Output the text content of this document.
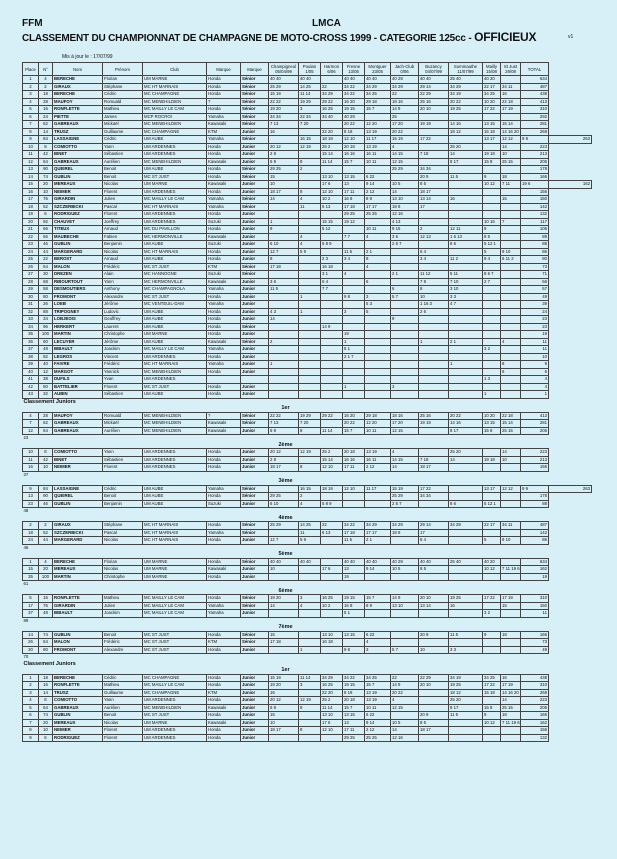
FFM	LMCA
CLASSEMENT DU CHAMPIONNAT DE CHAMPAGNE DE MOTO-CROSS 1999 - CATEGORIE 125cc - OFFICIEUX	v1
Mis à jour le : 17/07/99
Place	N°	Nom	Prénom	Club	Marque	Marque	Champigneul 05/04/99	Poulan 1/05	Harmon 6/06	Fresne 13/05	Montguer 23/05	Jach-Club 0/06	Buzancy 04/07/99	Sommauthe 11/07/99	Mailly 15/08	St Just 29/08	TOTAL	
1	4	BERECHE	Florian	UM MARNE	Honda	Sénior	40 40	40 40		40 40	40 40	40 29	40 40	25 40	40 20		634	
2	2	GIRAUX	Stéphane	MC HT MARNAIS	Honda	Sénior	25 29	14 25	22	34 22	34 29	34 29	29 14	34 29	22 17	34 11	487	
3	18	BERECHE	Cédric	MC CHAMPAGNE	Honda	Sénior	15 19	11 14	34 29	34 22	34 25	22	22 29	34 19	34 25	16	438	
4	28	MAUFOY	Romuald	MC MENEHILDIEN	?	Sénior	22 22	19 29	29 22	16 20	29 18	18 16	25 16	20 22	10 20	22 18	413	
5	16	RONFLETTE	Mathieu	MC MAILLY LE CAM	Honda	Sénior	19 20	3	16 25	19 15	15 7	14 9	20 10	19 25	17 22	17 19	310	
6	24	PIETTE	James	MCP ROCROI	Yamaha	Sénior	34 34	22 34	34 40	40 29		25					292	
7	62	GABREAUX	Mickaël	MC MENEHILDIEN	Kawasaki	Sénior	7 13	7 20		20 22	12 20	17 20	19 19	14 16	13 15	15 14	281	
8	14	TRUSZ	Guillaume	MC CHAMPAGNE	KTM	Junior	16		22 20	8 18	13 19	20 22		18 12	15 18	14 16 20	269	
9	84	LASSAIGNE	Cédric	UM AUBE	Yamaha	Sénior		16 15	18 19	12 10	11 17	15 19	17 22		13 17	12 12	9 9	263
10	8	COMIOTTO	Yann	UM ARDENNES	Honda	Junior	20 12	12 19	25 2	20 18	13 19	4		25 20		14	223	
11	42	BINET	Sébastien	UM ARDENNES	Honda	Junior	2 8		15 14	16 16	16 11	14 15	7 18	14	19 18	10	213	
12	64	GABREAUX	Aurélien	MC MENEHILDIEN	Kawasaki	Junior	5 9	8	11 14	15 7	10 11	12 15		8 17	15 8	25 15	205	
13	90	QUEIREL	Benoit	UM AUBE	Honda	Sénior	29 25	2				25 29	34 34				178	
14	74	GUBLIN	Benoit	MC ST JUST	Honda	Sénior	15		13 10	13 15	6 22		20 9	11 5	9	18	166	
15	20	MEREAUX	Nicolas	UM MARNE	Kawasaki	Junior	10		17 6	13	9 14	10 5	8 5		10 12	7 11	19 6	162
16	10	NEIMER	Florent	UM ARDENNES	Honda	Junior	18 17	8	12 10	17 11	2 12	14	18 17				156	
17	76	GIRARDIN	Julien	MC MAILLY LE CAM	Yamaha	Sénior	14	4	10 2	16 8	8 9	13 10	13 14	16		15	150	
18	52	SZCZERBICKI	Pascal	MC HT MARNAIS	Yamaha	Sénior		11	6 13	17 18	17 17	18 8	17				142	
19	6	RODRIGUEZ	Florent	UM ARDENNES	Honda	Junior				29 25	25 25	12 16					132	
20	92	CHAUVET	Joeffrey	UM ARDENNES	Suzuki	Junior	1		15 15	19 12		4 13			10 16	7	117	
21	66	TITEUX	Arnaud	MC DU PAVILLON	Honda	Junior	9		5 12		10 11	9 15	2	12 11	9		105	
22	56	MAUBECHE	Fabien	MC HERMONVILLE	Kawasaki	Junior		4		7 7	4	3 6	12 13	1 6 13	8 5		89	
23	46	GUBLIN	Benjamin	UM AUBE	Suzuki	Junior	6 10	4	5 8 9			2 5 7		8 6	5 12 1		88	
24	44	MARGERARD	Nicolas	MC HT MARNAIS	Honda	Junior	12 7	5 9		11 5	2 1		6 4		5	9 10	86	
25	22	BEROST	Arnaud	UM AUBE	Honda	Junior	8		2 3	3 4	8		3 4	11 2	9 4	6 11 2	80	
26	54	MALON	Frédéric	MC ST JUST	KTM	Sénior	17 18		16 18		4						73	
27	30	DREZEN	Alain	MC HANNOGNE	Suzuki	Sénior			3 1	4		2 1	11 12	5 11	8 6 7		71	
28	68	RIBOURTOUT	Yann	MC HERMONVILLE	Kawasaki	Junior	3 6		6 4		6		7 8	7 10	2 7		66	
29	58	DESMOUTIERS	Anthony	MC CHAMPAGNOLA	Yamaha	Junior	11 5		7 7			6	8	3 10			57	
30	80	FROMONT	Alexandre	MC ST JUST	Honda	Junior		1		9 8	3	5 7	10	3 3			49	
31	26	LOEB	Jérôme	MC VENTEUIL-DAM	Yamaha	Junior					5 3		1 16 3	4 7			39	
32	88	TRIPOGNEY	Ludovic	UM AUBE	Honda	Junior	4 3	1		3	5		2 6				24	
33	34	LOBJEOIS	Geoffrey	UM AUBE	Honda	Junior	14					9					23	
34	96	HERKERT	Laurent	UM AUBE	Honda	Sénior			14 9								23	
35	100	MARTIN	Christophe	UM MARNE	Honda	Junior				19							19	
36	60	LECUYER	Jérôme	UM AUBE	Kawasaki	Sénior	2			1			1	2 1		4	11	
37	48	BIBAULT	Joackim	MC MAILLY LE CAM	Yamaha	Junior				5 1					3 2		11	
38	82	LEGROS	Vincent	UM ARDENNES	Honda	Junior				2 1 7							10	
39	40	FAIVRE	Frédéric	MC HT MARNAIS	Yamaha	Junior	1							1		8	9	
40	12	MARGOT	Yannick	MC MENEHILDIEN	Honda	Junior										6	6	
41	38	DUFILS	Yvan	UM ARDENNES											1 3		4	
42	50	BATTELIER	Florent	MC ST JUST	Honda	Junior				1		3					4	
43	32	AUBIN	Sébastien	UM AUBE	Honda	Junior									1		1	
Classement Juniors																		
1er																		
4	28	MAUFOY	Romuald	MC MENEHILDIEN	?	Sénior	22 22	19 29	29 22	16 20	29 18	18 16	25 16	20 22	10 20	22 18	413	
7	62	GABREAUX	Mickaël	MC MENEHILDIEN	Kawasaki	Sénior	7 13	7 20		20 22	12 20	17 20	19 19	14 16	13 15	15 14	281	
12	64	GABREAUX	Aurélien	MC MENEHILDIEN	Kawasaki	Junior	5 9	8	11 14	15 7	10 11	12 15		8 17	15 8	25 15	205	
23																		
2ème																		
10	8	COMIOTTO	Yann	UM ARDENNES	Honda	Junior	20 12	12 19	25 2	20 18	13 19	4		25 20		14	223	
11	42	BINET	Sébastien	UM ARDENNES	Honda	Junior	2 8		15 14	16 16	16 11	14 15	7 18	14	19 18	10	213	
16	10	NEIMER	Florent	UM ARDENNES	Honda	Junior	18 17	8	12 10	17 11	2 12	14	18 17				156	
37																		
3ème																		
9	84	LASSAIGNE	Cédric	UM AUBE	Yamaha	Sénior		16 15	18 19	12 10	11 17	15 19	17 22		13 17	12 12	9 9	263
13	90	QUEIREL	Benoit	UM AUBE	Honda	Sénior	29 25	2				25 29	34 34				178	
23	46	GUBLIN	Benjamin	UM AUBE	Suzuki	Junior	6 10	4	5 8 9			2 5 7		8 6	5 12 1		88	
48																		
4ème																		
2	2	GIRAUX	Stéphane	MC HT MARNAIS	Honda	Sénior	25 29	14 25	22	34 22	34 29	34 29	29 14	34 29	22 17	34 11	487	
18	52	SZCZERBICKI	Pascal	MC HT MARNAIS	Yamaha	Sénior		11	6 13	17 18	17 17	18 8	17				142	
24	44	MARGERARD	Nicolas	MC HT MARNAIS	Honda	Junior	12 7	5 9		11 5	2 1		6 4		5	9 10	86	
46																		
5ème																		
1	4	BERECHE	Florian	UM MARNE	Honda	Sénior	40 40	40 40		40 40	40 40	40 29	40 40	25 40	40 20		634	
15	20	MEREAUX	Nicolas	UM MARNE	Kawasaki	Junior	10		17 6	13	9 14	10 5	8 5		10 12	7 11 19 6	162	
35	100	MARTIN	Christophe	UM MARNE	Honda	Junior				19							19	
61																		
6ème																		
5	16	RONFLETTE	Mathieu	MC MAILLY LE CAM	Honda	Sénior	19 20	3	16 25	19 15	15 7	14 9	20 10	19 25	17 22	17 19	310	
17	76	GIRARDIN	Julien	MC MAILLY LE CAM	Yamaha	Sénior	14	4	10 2	16 8	8 9	13 10	13 14	16		15	150	
37	48	BIBAULT	Joackim	MC MAILLY LE CAM	Yamaha	Junior				5 1					3 2		11	
89																		
7ème																		
14	74	GUBLIN	Benoit	MC ST JUST	Honda	Sénior	15		13 10	13 15	6 22		20 9	11 5	9	18	166	
26	54	MALON	Frédéric	MC ST JUST	KTM	Sénior	17 18		16 18		4						73	
30	80	FROMONT	Alexandre	MC ST JUST	Honda	Junior		1		9 8	3	5 7	10	3 3			49	
70																		
Classement Juniors																		
1er																		
1	18	BERECHE	Cédric	MC CHAMPAGNE	Honda	Junior	15 19	11 14	34 29	34 22	34 25	22	22 29	34 19	34 25	16	438	
2	16	RONFLETTE	Mathieu	MC MAILLY LE CAM	Honda	Junior	19 20	3	16 25	19 15	15 7	14 9	20 10	19 25	17 22	17 19	310	
3	14	TRUSZ	Guillaume	MC CHAMPAGNE	KTM	Junior	16		22 20	8 18	13 19	20 22		18 12	15 18	14 16 20	269	
4	8	COMIOTTO	Yann	UM ARDENNES	Honda	Junior	20 12	12 19	25 2	20 18	13 19	4		25 20		14	223	
5	64	GABREAUX	Aurélien	MC MENEHILDIEN	Kawasaki	Junior	5 9	8	11 14	15 7	10 11	12 15		8 17	15 8	25 15	205	
6	74	GUBLIN	Benoit	MC ST JUST	Honda	Junior	15		13 10	13 15	6 22		20 9	11 5	9	18	166	
7	20	MEREAUX	Nicolas	UM MARNE	Kawasaki	Junior	10		17 6	13	9 14	10 5	8 5		10 12	7 11 19 6	162	
8	10	NEIMER	Florent	UM ARDENNES	Honda	Junior	18 17	8	12 10	17 11	2 12	14	18 17				156	
9	6	RODRIGUEZ	Florent	UM ARDENNES	Honda	Junior				29 25	25 25	12 16					132	
